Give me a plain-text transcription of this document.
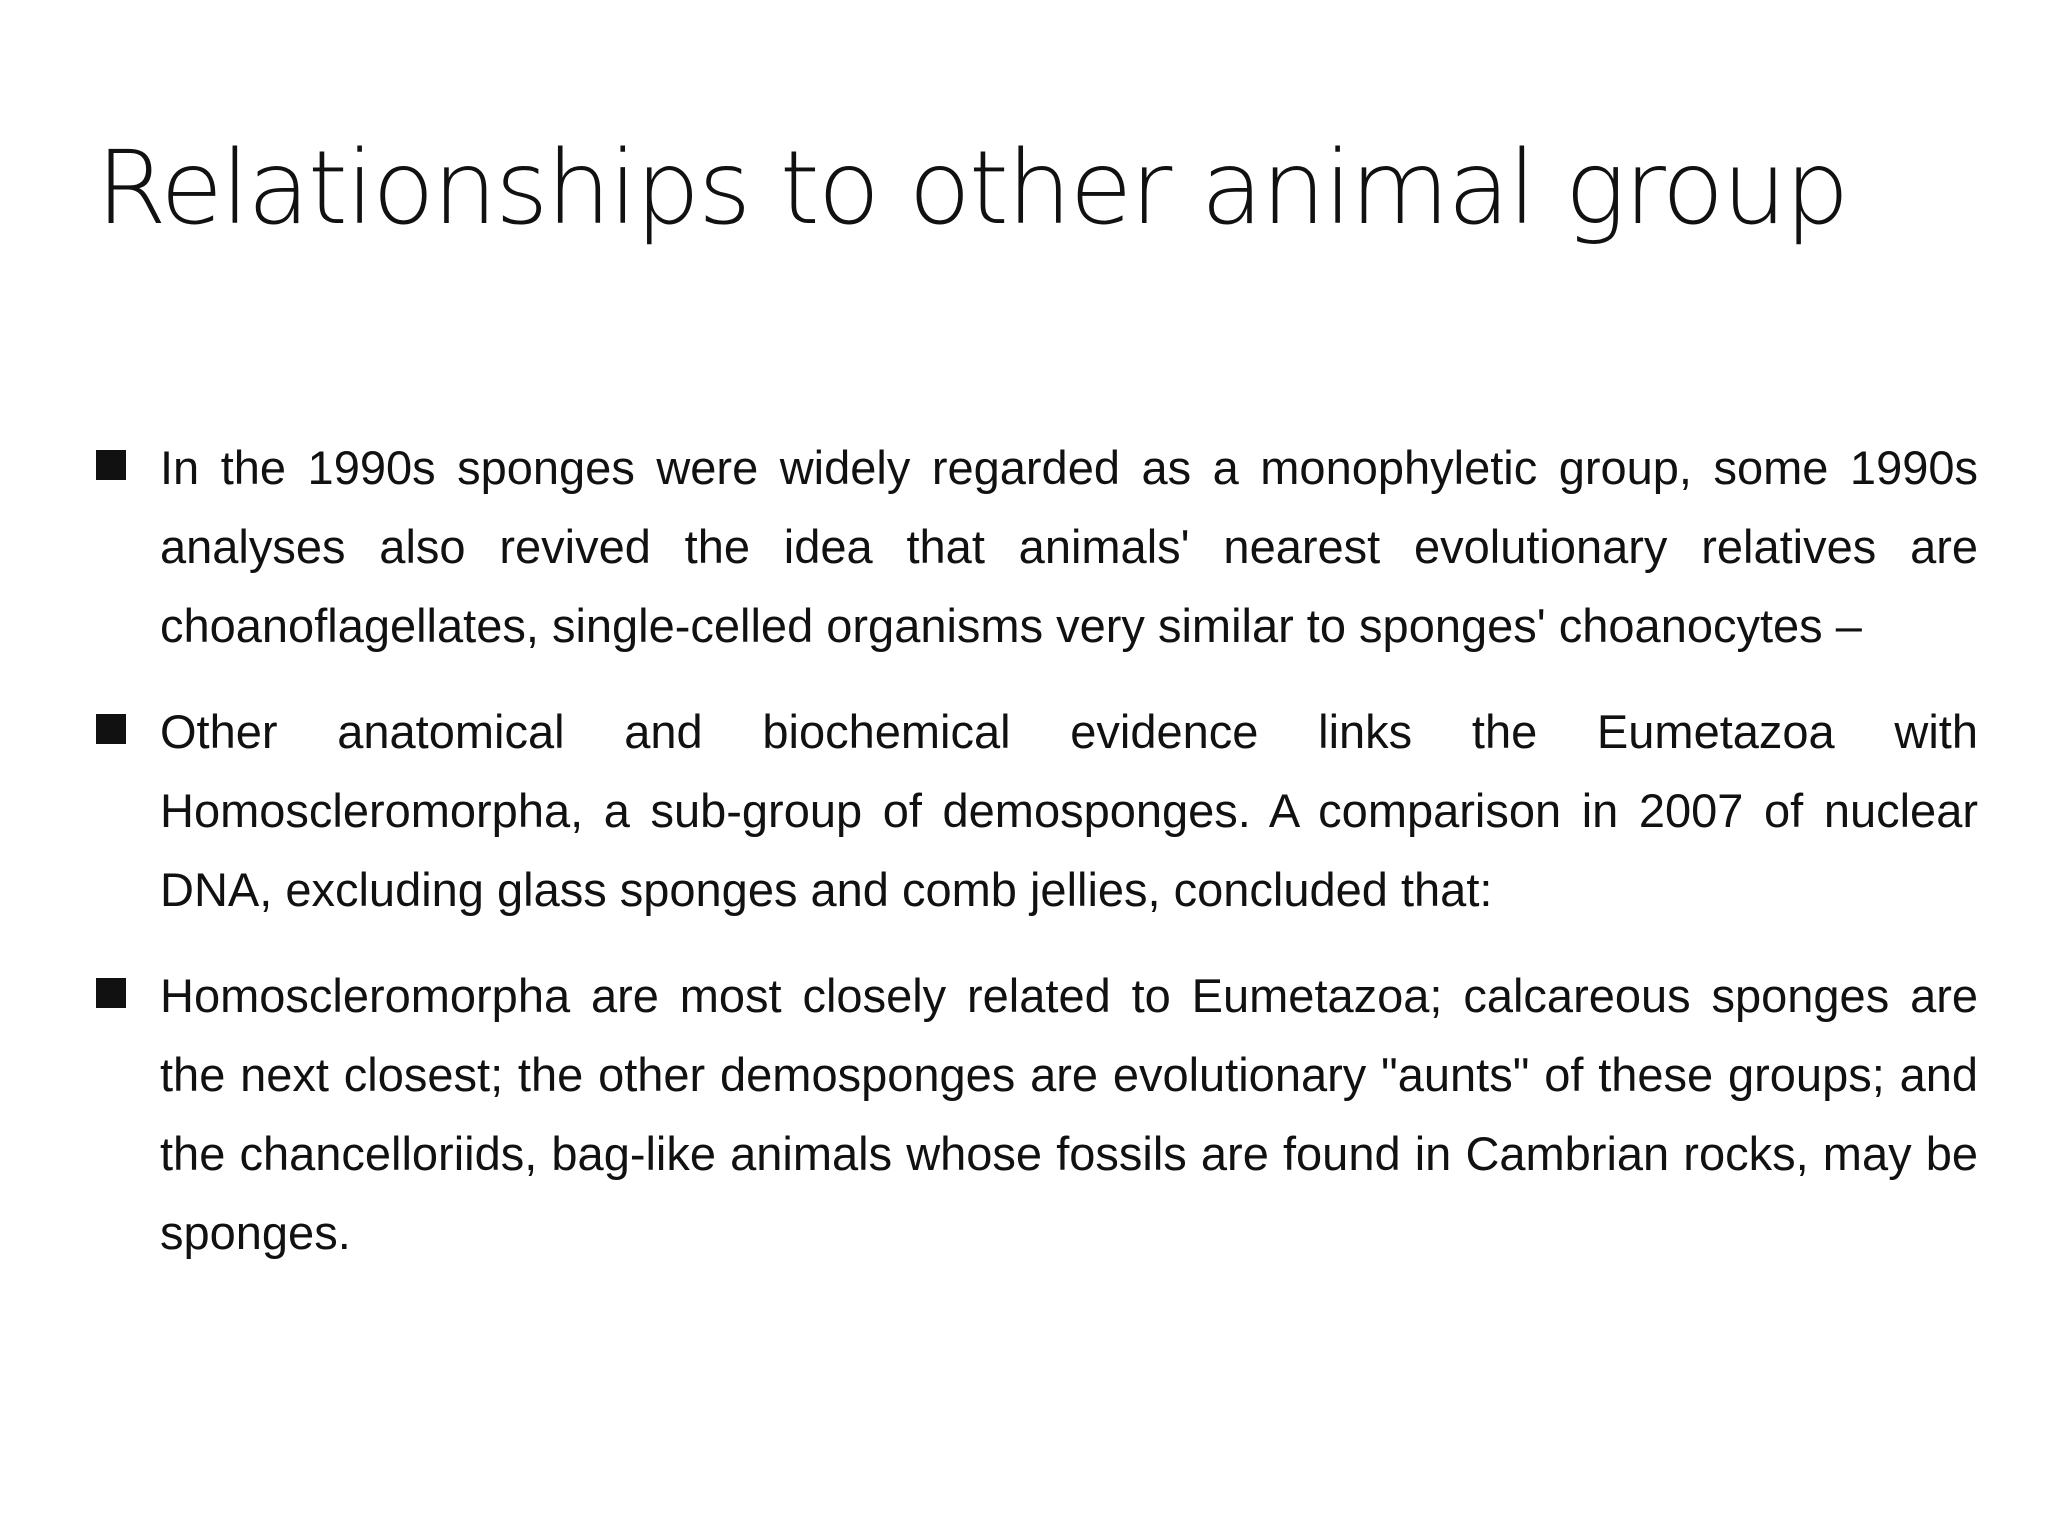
Relationships to other animal group
In the 1990s sponges were widely regarded as a monophyletic group, some 1990s analyses also revived the idea that animals' nearest evolutionary relatives are choanoflagellates, single-celled organisms very similar to sponges' choanocytes –
Other anatomical and biochemical evidence links the Eumetazoa with Homoscleromorpha, a sub-group of demosponges. A comparison in 2007 of nuclear DNA, excluding glass sponges and comb jellies, concluded that:
Homoscleromorpha are most closely related to Eumetazoa; calcareous sponges are the next closest; the other demosponges are evolutionary "aunts" of these groups; and the chancelloriids, bag-like animals whose fossils are found in Cambrian rocks, may be sponges.
